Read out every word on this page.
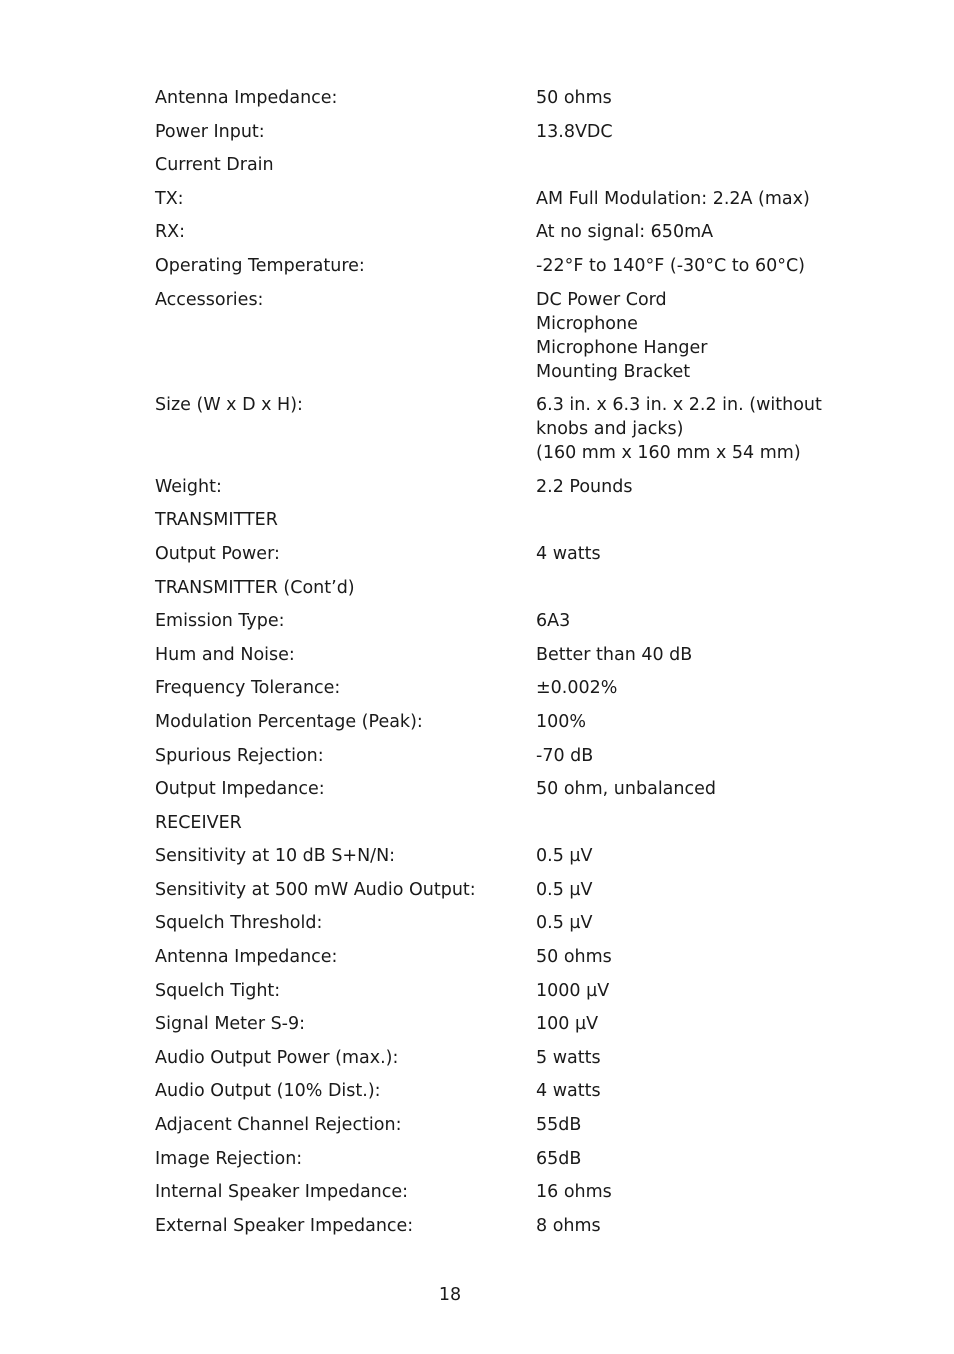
Antenna Impedance:	50 ohms
Power Input:	13.8VDC
Current Drain
TX:	AM Full Modulation: 2.2A (max)
RX:	At no signal: 650mA
Operating Temperature:	-22°F to 140°F (-30°C to 60°C)
Accessories:	DC Power Cord
Microphone
Microphone Hanger
Mounting Bracket
Size (W x D x H):	6.3 in. x 6.3 in. x 2.2 in. (without
knobs and jacks)
(160 mm x 160 mm x 54 mm)
Weight:	2.2 Pounds
TRANSMITTER
Output Power:	4 watts
TRANSMITTER (Cont’d)
Emission Type:	6A3
Hum and Noise:	Better than 40 dB
Frequency Tolerance:	±0.002%
Modulation Percentage (Peak):	100%
Spurious Rejection:	-70 dB
Output Impedance:	50 ohm, unbalanced
RECEIVER
Sensitivity at 10 dB S+N/N:	0.5 µV
Sensitivity at 500 mW Audio Output:	0.5 µV
Squelch Threshold:	0.5 µV
Antenna Impedance:	50 ohms
Squelch Tight:	1000 µV
Signal Meter S-9:	100 µV
Audio Output Power (max.):	5 watts
Audio Output (10% Dist.):	4 watts
Adjacent Channel Rejection:	55dB
Image Rejection:	65dB
Internal Speaker Impedance:	16 ohms
External Speaker Impedance:	8 ohms
18
